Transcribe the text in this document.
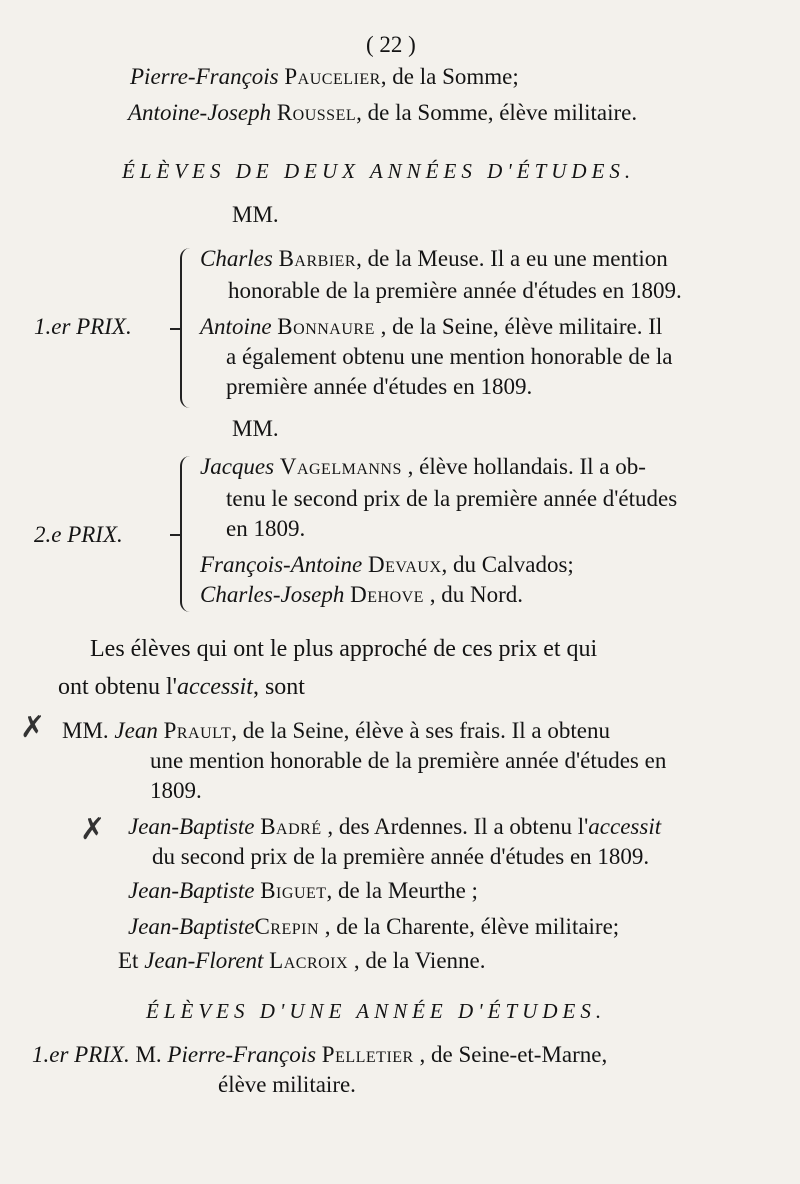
( 22 )
Pierre-François Paucelier, de la Somme;
Antoine-Joseph Roussel, de la Somme, élève militaire.
ÉLÈVES DE DEUX ANNÉES D'ÉTUDES.
MM.
1.er PRIX.
Charles Barbier, de la Meuse. Il a eu une mention
honorable de la première année d'études en 1809.
Antoine Bonnaure , de la Seine, élève militaire. Il
a également obtenu une mention honorable de la
première année d'études en 1809.
MM.
2.e PRIX.
Jacques Vagelmanns , élève hollandais. Il a ob-
tenu le second prix de la première année d'études
en 1809.
François-Antoine Devaux, du Calvados;
Charles-Joseph Dehove , du Nord.
Les élèves qui ont le plus approché de ces prix et qui
ont obtenu l'accessit, sont
✗ MM. Jean Prault, de la Seine, élève à ses frais. Il a obtenu
une mention honorable de la première année d'études en
1809.
✗ Jean-Baptiste Badré , des Ardennes. Il a obtenu l'accessit
du second prix de la première année d'études en 1809.
Jean-Baptiste Biguet, de la Meurthe ;
Jean-BaptisteCrepin , de la Charente, élève militaire;
Et Jean-Florent Lacroix , de la Vienne.
ÉLÈVES D'UNE ANNÉE D'ÉTUDES.
1.er PRIX. M. Pierre-François Pelletier , de Seine-et-Marne,
élève militaire.
